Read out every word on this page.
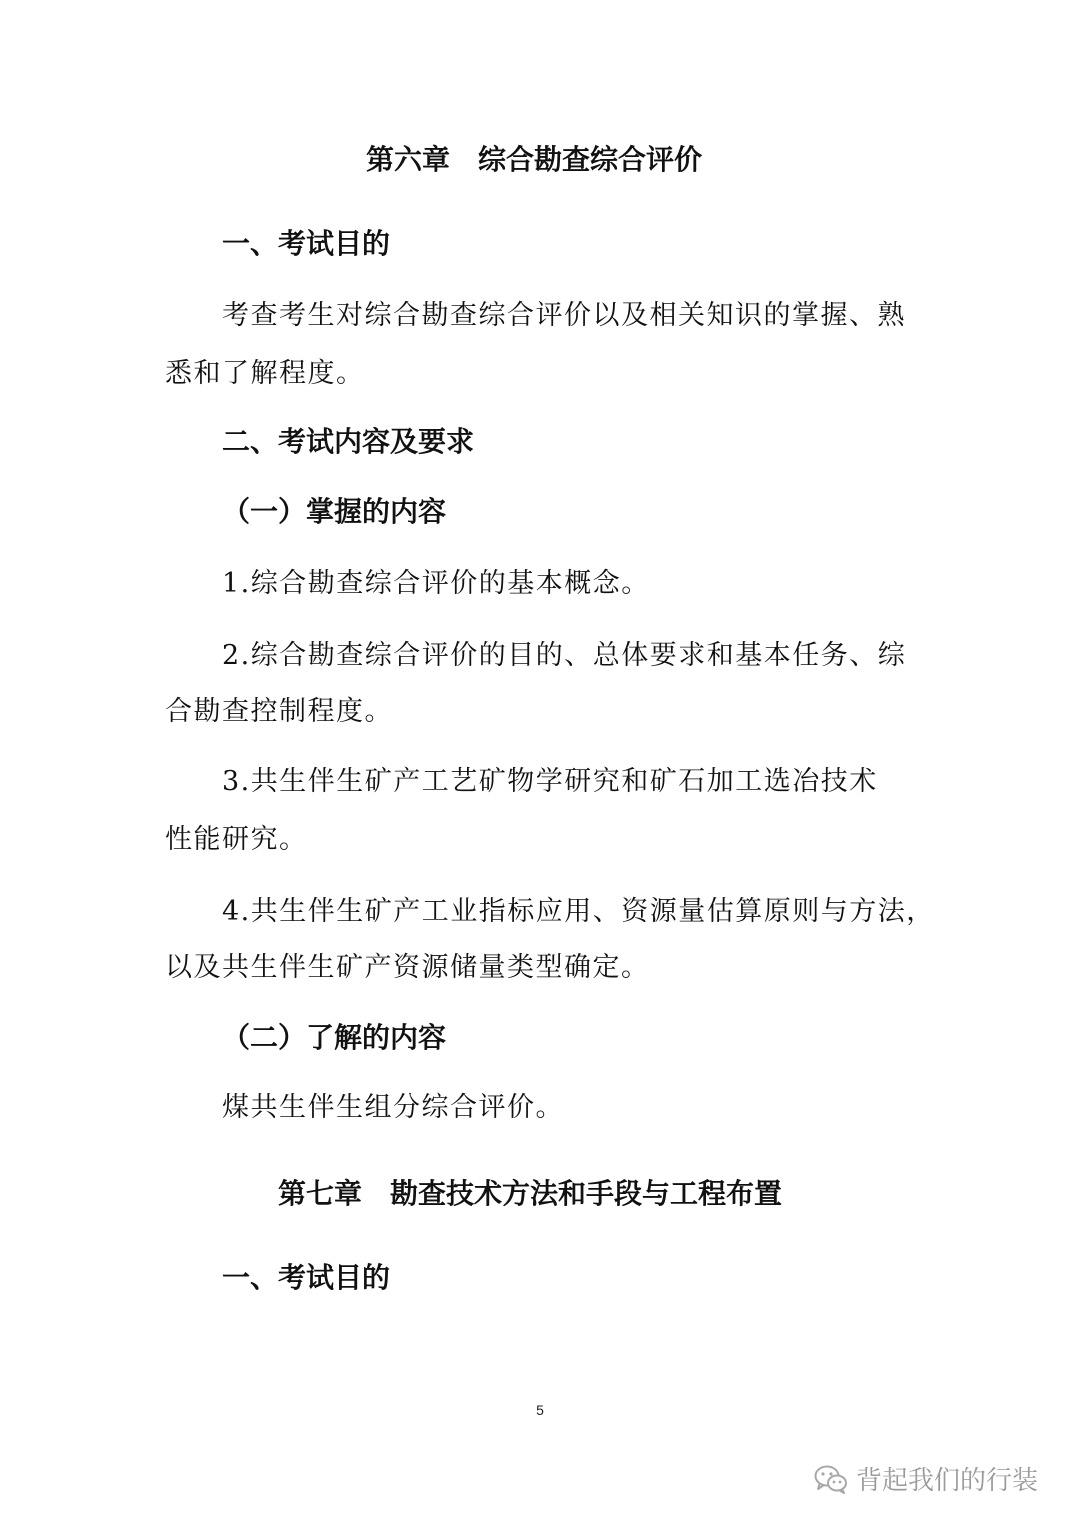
第六章　综合勘查综合评价
一、考试目的
考查考生对综合勘查综合评价以及相关知识的掌握、熟
悉和了解程度。
二、考试内容及要求
（一）掌握的内容
1.综合勘查综合评价的基本概念。
2.综合勘查综合评价的目的、总体要求和基本任务、综
合勘查控制程度。
3.共生伴生矿产工艺矿物学研究和矿石加工选冶技术
性能研究。
4.共生伴生矿产工业指标应用、资源量估算原则与方法，
以及共生伴生矿产资源储量类型确定。
（二）了解的内容
煤共生伴生组分综合评价。
第七章　勘查技术方法和手段与工程布置
一、考试目的
5
背起我们的行装
